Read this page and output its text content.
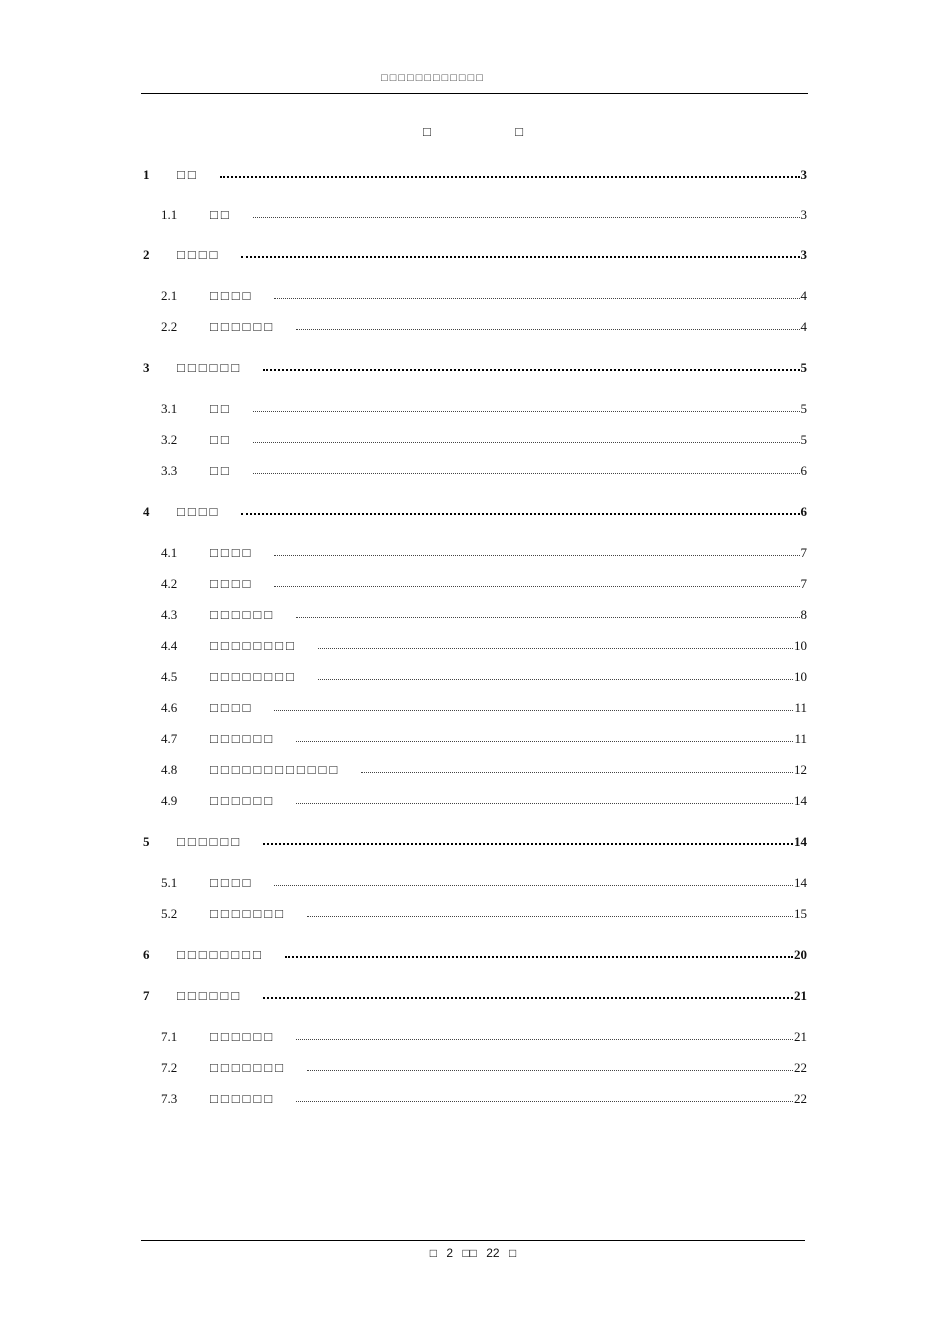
□□□□□□□□□□□□
□	□
1	□□	3
1.1	□□	3
2	□□□□	3
2.1	□□□□	4
2.2	□□□□□□	4
3	□□□□□□	5
3.1	□□	5
3.2	□□	5
3.3	□□	6
4	□□□□	6
4.1	□□□□	7
4.2	□□□□	7
4.3	□□□□□□	8
4.4	□□□□□□□□	10
4.5	□□□□□□□□	10
4.6	□□□□	11
4.7	□□□□□□	11
4.8	□□□□□□□□□□□□	12
4.9	□□□□□□	14
5	□□□□□□	14
5.1	□□□□	14
5.2	□□□□□□□	15
6	□□□□□□□□	20
7	□□□□□□	21
7.1	□□□□□□	21
7.2	□□□□□□□	22
7.3	□□□□□□	22
□ 2 □□ 22 □
